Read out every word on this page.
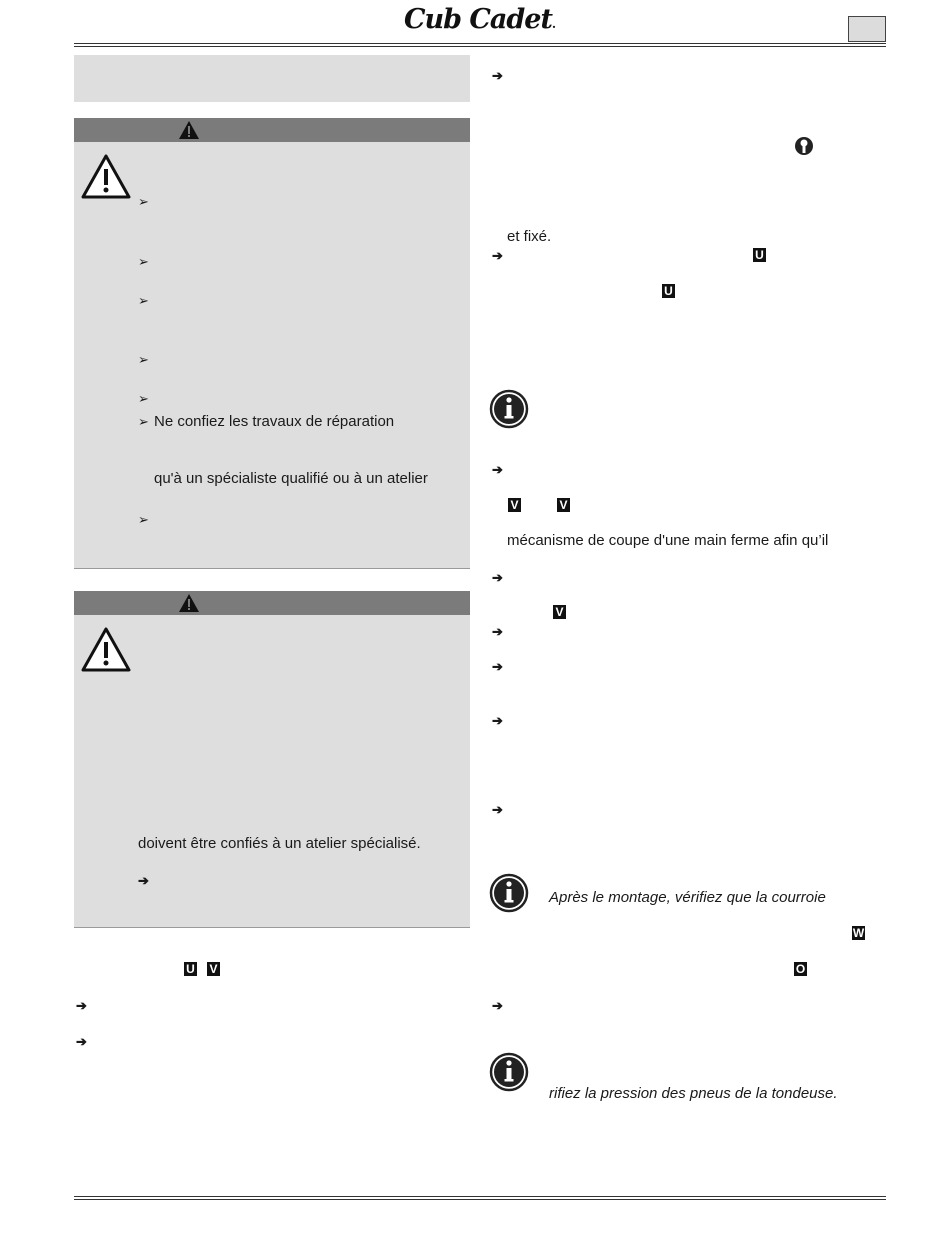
Cub Cadet.
➢
➢
➢
➢
➢
➢ Ne confiez les travaux de réparation
qu'à un spécialiste qualifié ou à un atelier
➢
doivent être confiés à un atelier spécialisé.
➔
U V
➔
➔
➔
et fixé.
➔	U
U
➔
V	V
mécanisme de coupe d'une main ferme afin qu’il
➔
V
➔
➔
➔
➔
Après le montage, vérifiez que la courroie
W
O
➔
rifiez la pression des pneus de la tondeuse.
